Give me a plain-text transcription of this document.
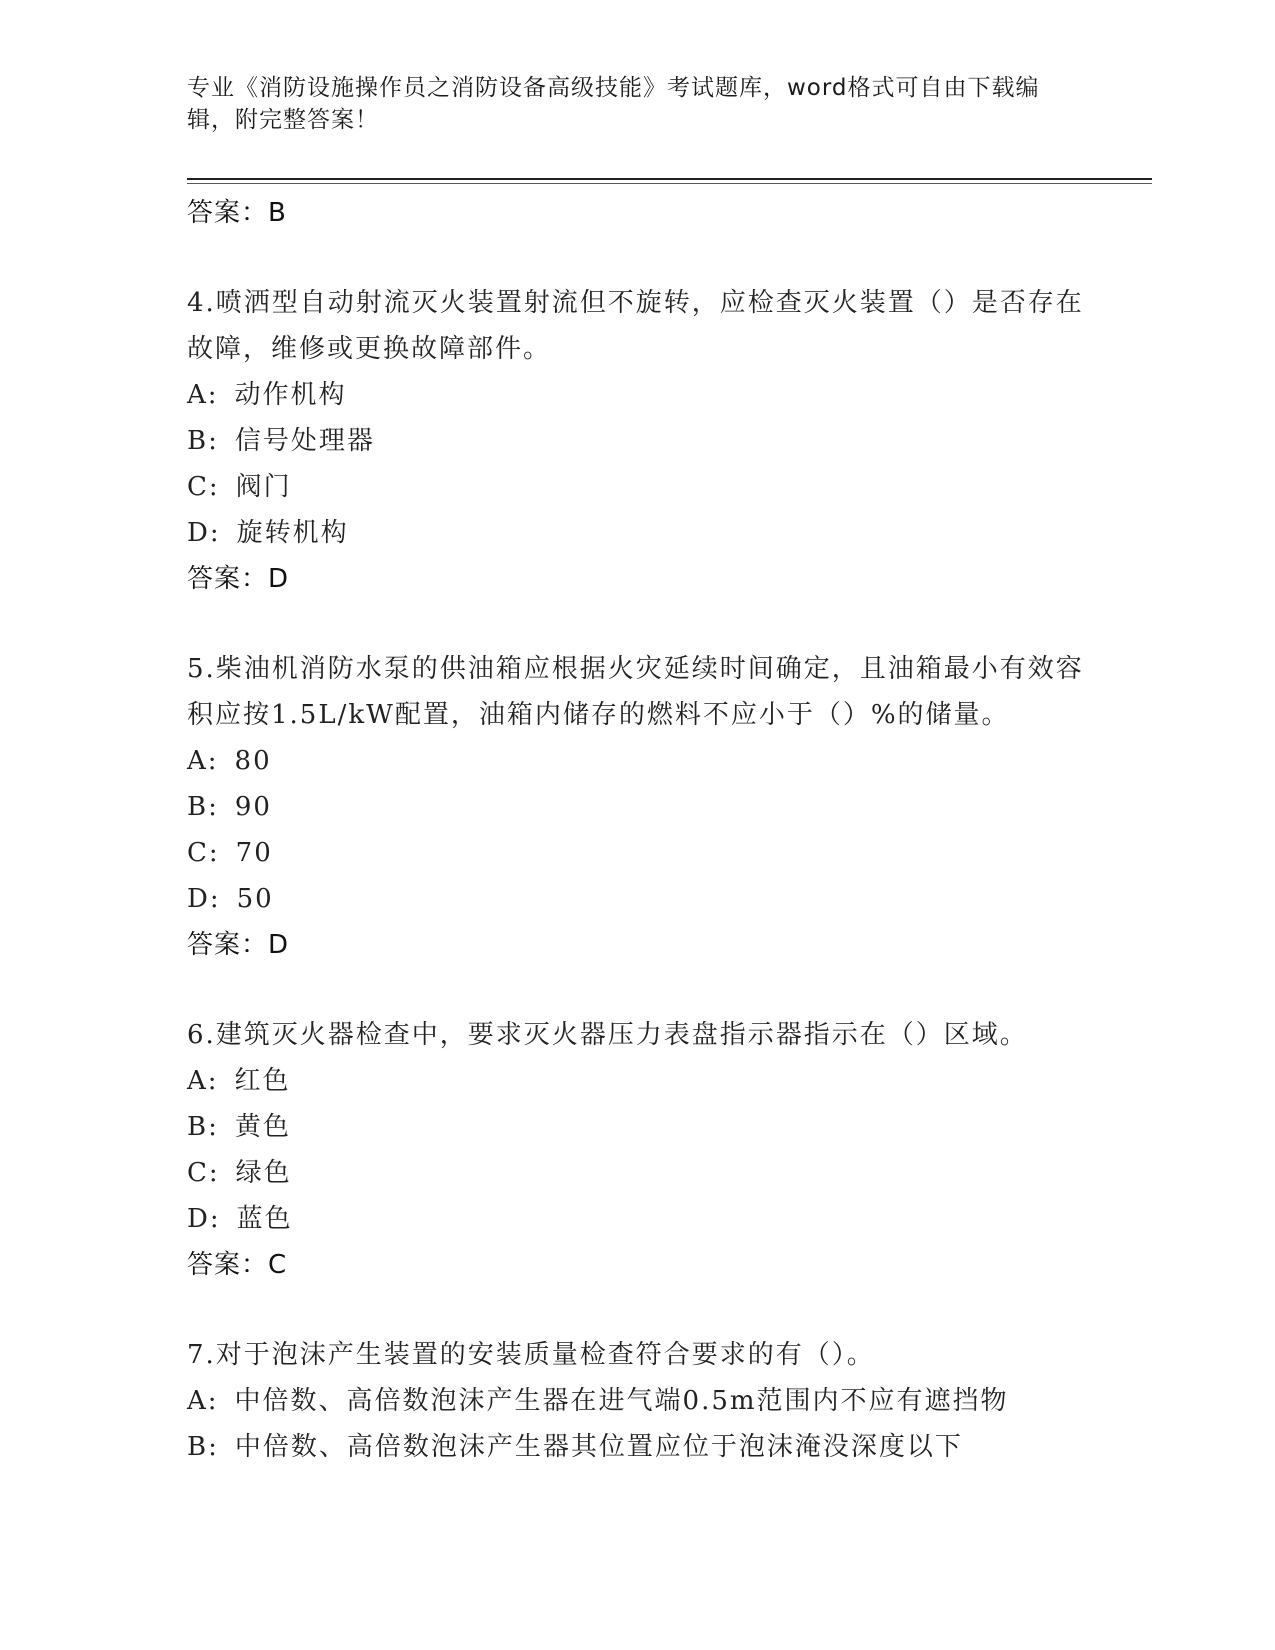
专业《消防设施操作员之消防设备高级技能》考试题库，word格式可自由下载编辑，附完整答案！

答案：B

4.喷洒型自动射流灭火装置射流但不旋转，应检查灭火装置（）是否存在故障，维修或更换故障部件。

A: 动作机构

B: 信号处理器

C: 阀门

D: 旋转机构

答案：D

5.柴油机消防水泵的供油箱应根据火灾延续时间确定，且油箱最小有效容积应按1.5L/kW配置，油箱内储存的燃料不应小于（）%的储量。

A: 80

B: 90

C: 70

D: 50

答案：D

6.建筑灭火器检查中，要求灭火器压力表盘指示器指示在（）区域。

A: 红色

B: 黄色

C: 绿色

D: 蓝色

答案：C

7.对于泡沫产生装置的安装质量检查符合要求的有（）。

A: 中倍数、高倍数泡沫产生器在进气端0.5m范围内不应有遮挡物

B: 中倍数、高倍数泡沫产生器其位置应位于泡沫淹没深度以下
